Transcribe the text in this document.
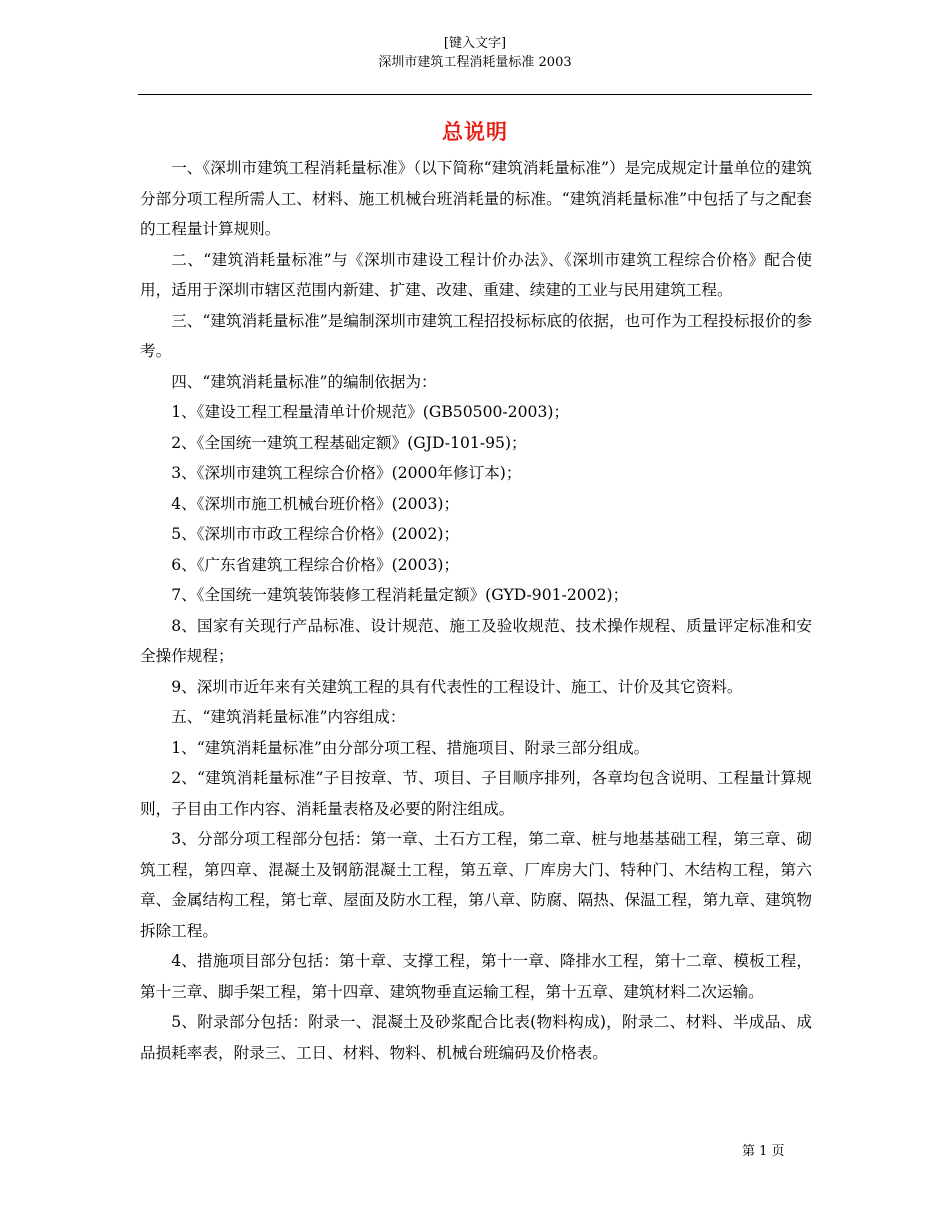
[键入文字]
深圳市建筑工程消耗量标准 2003
总说明

一、《深圳市建筑工程消耗量标准》（以下简称“建筑消耗量标准”）是完成规定计量单位的建筑分部分项工程所需人工、材料、施工机械台班消耗量的标准。“建筑消耗量标准”中包括了与之配套的工程量计算规则。

二、“建筑消耗量标准”与《深圳市建设工程计价办法》、《深圳市建筑工程综合价格》配合使用，适用于深圳市辖区范围内新建、扩建、改建、重建、续建的工业与民用建筑工程。

三、“建筑消耗量标准”是编制深圳市建筑工程招投标标底的依据，也可作为工程投标报价的参考。

四、“建筑消耗量标准”的编制依据为：

1、《建设工程工程量清单计价规范》(GB50500-2003)；

2、《全国统一建筑工程基础定额》(GJD-101-95)；

3、《深圳市建筑工程综合价格》(2000年修订本)；

4、《深圳市施工机械台班价格》(2003)；

5、《深圳市市政工程综合价格》(2002)；

6、《广东省建筑工程综合价格》(2003)；

7、《全国统一建筑装饰装修工程消耗量定额》(GYD-901-2002)；

8、国家有关现行产品标准、设计规范、施工及验收规范、技术操作规程、质量评定标准和安全操作规程；

9、深圳市近年来有关建筑工程的具有代表性的工程设计、施工、计价及其它资料。

五、“建筑消耗量标准”内容组成：

1、“建筑消耗量标准”由分部分项工程、措施项目、附录三部分组成。

2、“建筑消耗量标准”子目按章、节、项目、子目顺序排列，各章均包含说明、工程量计算规则，子目由工作内容、消耗量表格及必要的附注组成。

3、分部分项工程部分包括：第一章、土石方工程，第二章、桩与地基基础工程，第三章、砌筑工程，第四章、混凝土及钢筋混凝土工程，第五章、厂库房大门、特种门、木结构工程，第六章、金属结构工程，第七章、屋面及防水工程，第八章、防腐、隔热、保温工程，第九章、建筑物拆除工程。

4、措施项目部分包括：第十章、支撑工程，第十一章、降排水工程，第十二章、模板工程，第十三章、脚手架工程，第十四章、建筑物垂直运输工程，第十五章、建筑材料二次运输。

5、附录部分包括：附录一、混凝土及砂浆配合比表(物料构成)，附录二、材料、半成品、成品损耗率表，附录三、工日、材料、物料、机械台班编码及价格表。

第 1 页
